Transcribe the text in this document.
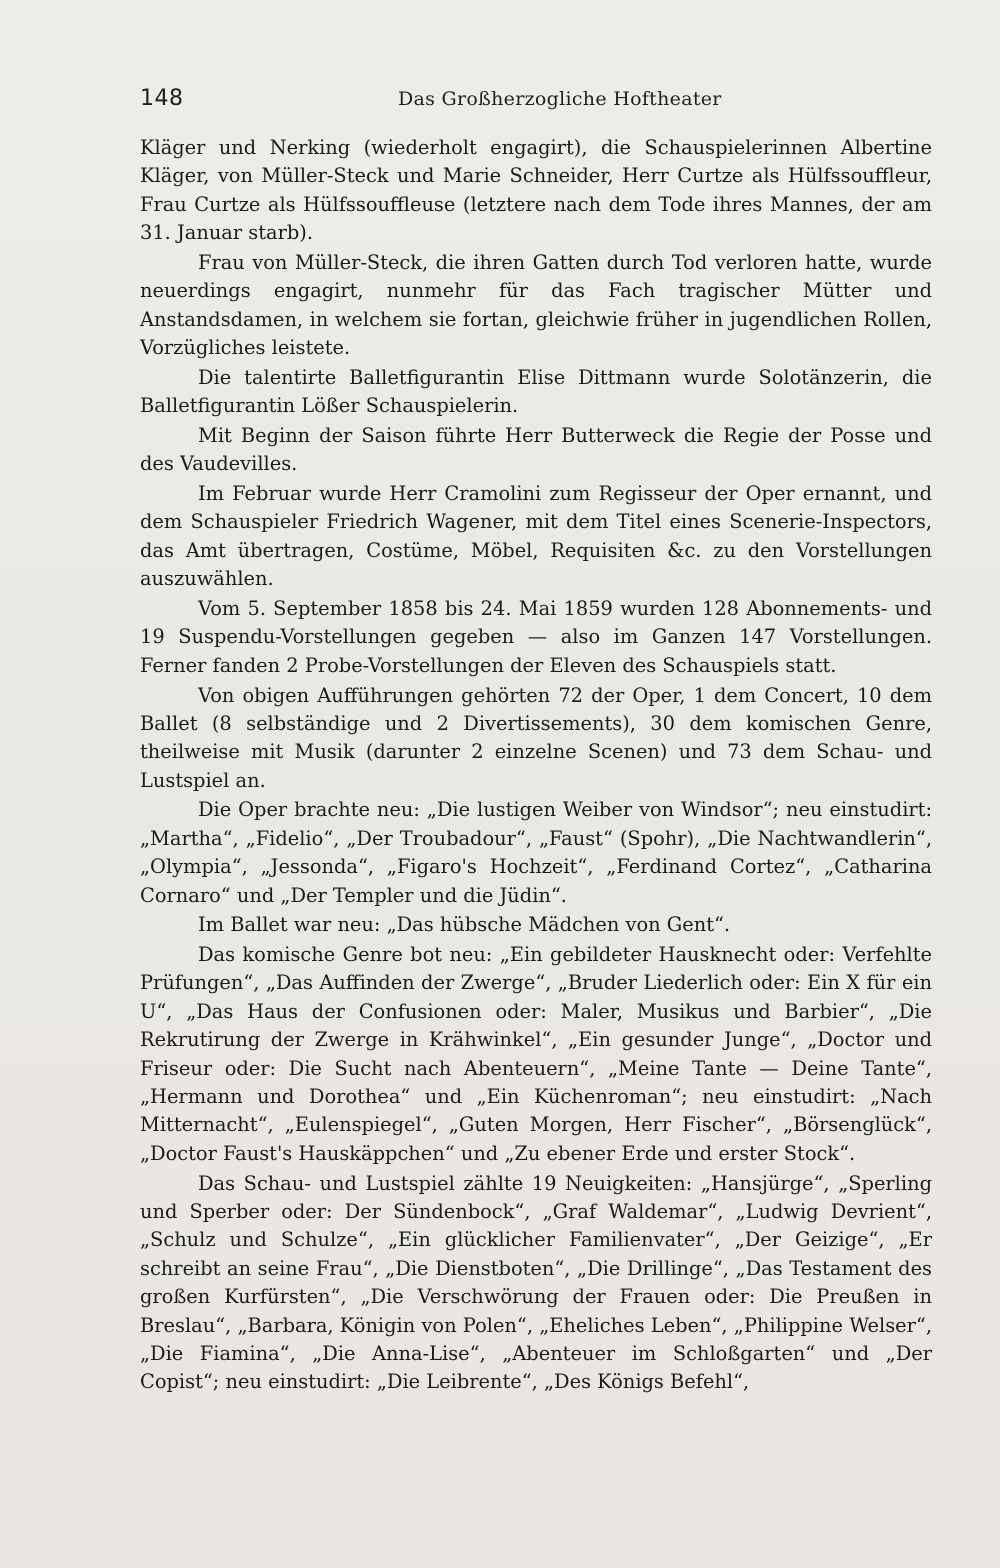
148	Das Großherzogliche Hoftheater

Kläger und Nerking (wiederholt engagirt), die Schauspielerinnen Albertine Kläger, von Müller-Steck und Marie Schneider, Herr Curtze als Hülfssouffleur, Frau Curtze als Hülfssouffleuse (letztere nach dem Tode ihres Mannes, der am 31. Januar starb).

Frau von Müller-Steck, die ihren Gatten durch Tod verloren hatte, wurde neuerdings engagirt, nunmehr für das Fach tragischer Mütter und Anstandsdamen, in welchem sie fortan, gleichwie früher in jugendlichen Rollen, Vorzügliches leistete.

Die talentirte Balletfigurantin Elise Dittmann wurde Solotänzerin, die Balletfigurantin Lößer Schauspielerin.

Mit Beginn der Saison führte Herr Butterweck die Regie der Posse und des Vaudevilles.

Im Februar wurde Herr Cramolini zum Regisseur der Oper ernannt, und dem Schauspieler Friedrich Wagener, mit dem Titel eines Scenerie-Inspectors, das Amt übertragen, Costüme, Möbel, Requisiten &c. zu den Vorstellungen auszuwählen.

Vom 5. September 1858 bis 24. Mai 1859 wurden 128 Abonnements- und 19 Suspendu-Vorstellungen gegeben — also im Ganzen 147 Vorstellungen. Ferner fanden 2 Probe-Vorstellungen der Eleven des Schauspiels statt.

Von obigen Aufführungen gehörten 72 der Oper, 1 dem Concert, 10 dem Ballet (8 selbständige und 2 Divertissements), 30 dem komischen Genre, theilweise mit Musik (darunter 2 einzelne Scenen) und 73 dem Schau- und Lustspiel an.

Die Oper brachte neu: „Die lustigen Weiber von Windsor“; neu einstudirt: „Martha“, „Fidelio“, „Der Troubadour“, „Faust“ (Spohr), „Die Nachtwandlerin“, „Olympia“, „Jessonda“, „Figaro's Hochzeit“, „Ferdinand Cortez“, „Catharina Cornaro“ und „Der Templer und die Jüdin“.

Im Ballet war neu: „Das hübsche Mädchen von Gent“.

Das komische Genre bot neu: „Ein gebildeter Hausknecht oder: Verfehlte Prüfungen“, „Das Auffinden der Zwerge“, „Bruder Liederlich oder: Ein X für ein U“, „Das Haus der Confusionen oder: Maler, Musikus und Barbier“, „Die Rekrutirung der Zwerge in Krähwinkel“, „Ein gesunder Junge“, „Doctor und Friseur oder: Die Sucht nach Abenteuern“, „Meine Tante — Deine Tante“, „Hermann und Dorothea“ und „Ein Küchenroman“; neu einstudirt: „Nach Mitternacht“, „Eulenspiegel“, „Guten Morgen, Herr Fischer“, „Börsenglück“, „Doctor Faust's Hauskäppchen“ und „Zu ebener Erde und erster Stock“.

Das Schau- und Lustspiel zählte 19 Neuigkeiten: „Hansjürge“, „Sperling und Sperber oder: Der Sündenbock“, „Graf Waldemar“, „Ludwig Devrient“, „Schulz und Schulze“, „Ein glücklicher Familienvater“, „Der Geizige“, „Er schreibt an seine Frau“, „Die Dienstboten“, „Die Drillinge“, „Das Testament des großen Kurfürsten“, „Die Verschwörung der Frauen oder: Die Preußen in Breslau“, „Barbara, Königin von Polen“, „Eheliches Leben“, „Philippine Welser“, „Die Fiamina“, „Die Anna-Lise“, „Abenteuer im Schloßgarten“ und „Der Copist“; neu einstudirt: „Die Leibrente“, „Des Königs Befehl“,
